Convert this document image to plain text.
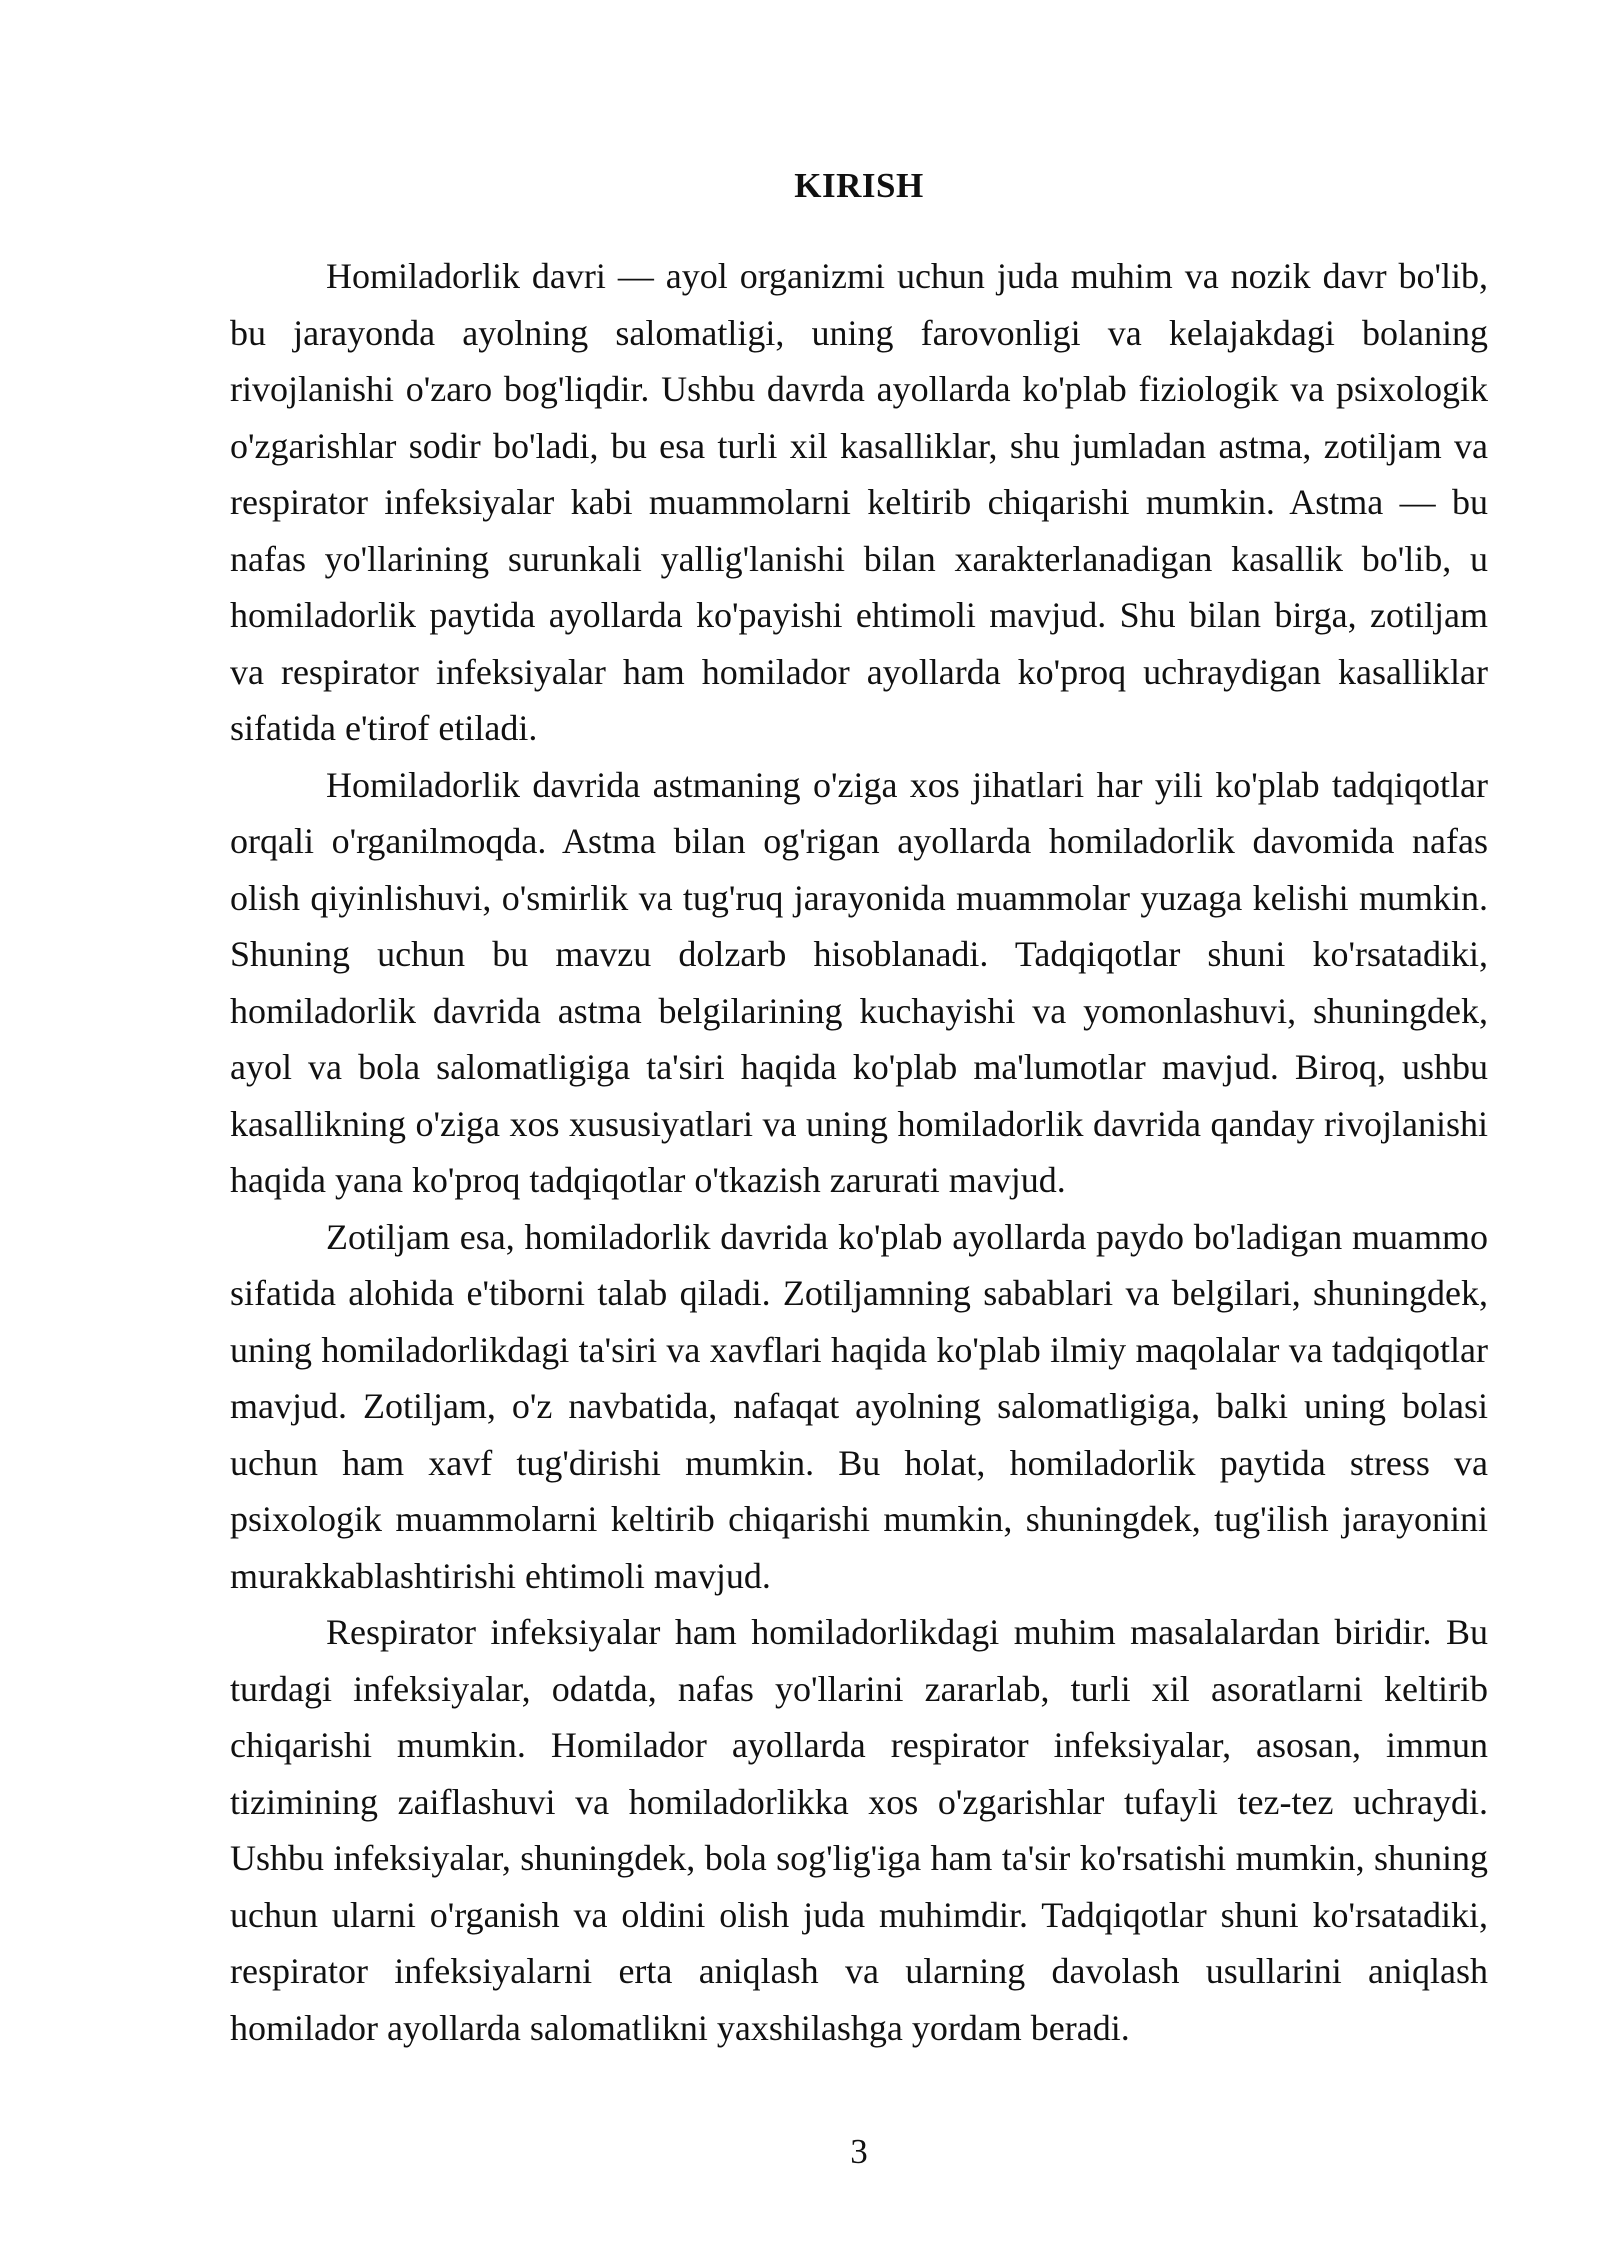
KIRISH

Homiladorlik davri — ayol organizmi uchun juda muhim va nozik davr bo'lib, bu jarayonda ayolning salomatligi, uning farovonligi va kelajakdagi bolaning rivojlanishi o'zaro bog'liqdir. Ushbu davrda ayollarda ko'plab fiziologik va psixologik o'zgarishlar sodir bo'ladi, bu esa turli xil kasalliklar, shu jumladan astma, zotiljam va respirator infeksiyalar kabi muammolarni keltirib chiqarishi mumkin. Astma — bu nafas yo'llarining surunkali yallig'lanishi bilan xarakterlanadigan kasallik bo'lib, u homiladorlik paytida ayollarda ko'payishi ehtimoli mavjud. Shu bilan birga, zotiljam va respirator infeksiyalar ham homilador ayollarda ko'proq uchraydigan kasalliklar sifatida e'tirof etiladi.

Homiladorlik davrida astmaning o'ziga xos jihatlari har yili ko'plab tadqiqotlar orqali o'rganilmoqda. Astma bilan og'rigan ayollarda homiladorlik davomida nafas olish qiyinlishuvi, o'smirlik va tug'ruq jarayonida muammolar yuzaga kelishi mumkin. Shuning uchun bu mavzu dolzarb hisoblanadi. Tadqiqotlar shuni ko'rsatadiki, homiladorlik davrida astma belgilarining kuchayishi va yomonlashuvi, shuningdek, ayol va bola salomatligiga ta'siri haqida ko'plab ma'lumotlar mavjud. Biroq, ushbu kasallikning o'ziga xos xususiyatlari va uning homiladorlik davrida qanday rivojlanishi haqida yana ko'proq tadqiqotlar o'tkazish zarurati mavjud.

Zotiljam esa, homiladorlik davrida ko'plab ayollarda paydo bo'ladigan muammo sifatida alohida e'tiborni talab qiladi. Zotiljamning sabablari va belgilari, shuningdek, uning homiladorlikdagi ta'siri va xavflari haqida ko'plab ilmiy maqolalar va tadqiqotlar mavjud. Zotiljam, o'z navbatida, nafaqat ayolning salomatligiga, balki uning bolasi uchun ham xavf tug'dirishi mumkin. Bu holat, homiladorlik paytida stress va psixologik muammolarni keltirib chiqarishi mumkin, shuningdek, tug'ilish jarayonini murakkablashtirishi ehtimoli mavjud.

Respirator infeksiyalar ham homiladorlikdagi muhim masalalardan biridir. Bu turdagi infeksiyalar, odatda, nafas yo'llarini zararlab, turli xil asoratlarni keltirib chiqarishi mumkin. Homilador ayollarda respirator infeksiyalar, asosan, immun tizimining zaiflashuvi va homiladorlikka xos o'zgarishlar tufayli tez-tez uchraydi. Ushbu infeksiyalar, shuningdek, bola sog'lig'iga ham ta'sir ko'rsatishi mumkin, shuning uchun ularni o'rganish va oldini olish juda muhimdir. Tadqiqotlar shuni ko'rsatadiki, respirator infeksiyalarni erta aniqlash va ularning davolash usullarini aniqlash homilador ayollarda salomatlikni yaxshilashga yordam beradi.

3
